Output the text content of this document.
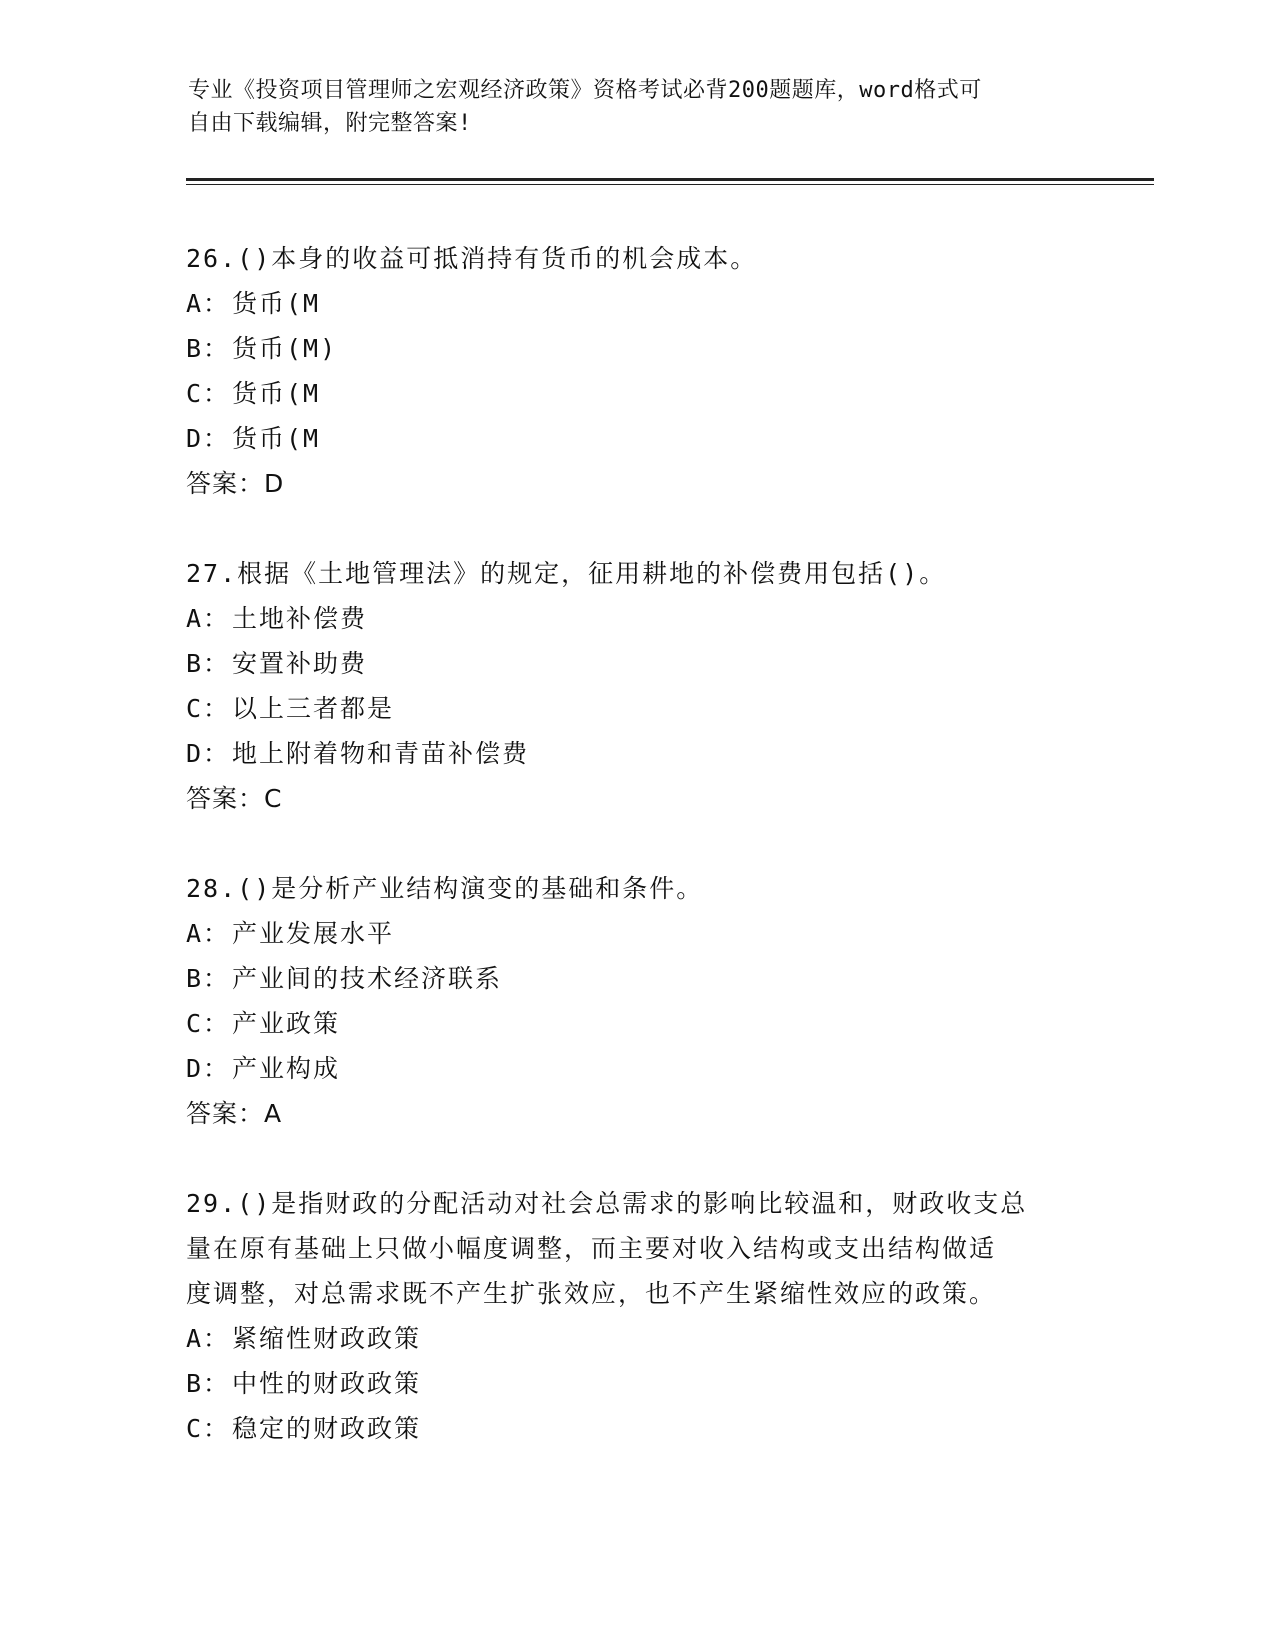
专业《投资项目管理师之宏观经济政策》资格考试必背200题题库，word格式可
自由下载编辑，附完整答案!
26.()本身的收益可抵消持有货币的机会成本。
A：货币(M
B：货币(M)
C：货币(M
D：货币(M
答案：D
27.根据《土地管理法》的规定，征用耕地的补偿费用包括()。
A：土地补偿费
B：安置补助费
C：以上三者都是
D：地上附着物和青苗补偿费
答案：C
28.()是分析产业结构演变的基础和条件。
A：产业发展水平
B：产业间的技术经济联系
C：产业政策
D：产业构成
答案：A
29.()是指财政的分配活动对社会总需求的影响比较温和，财政收支总
量在原有基础上只做小幅度调整，而主要对收入结构或支出结构做适
度调整，对总需求既不产生扩张效应，也不产生紧缩性效应的政策。
A：紧缩性财政政策
B：中性的财政政策
C：稳定的财政政策
